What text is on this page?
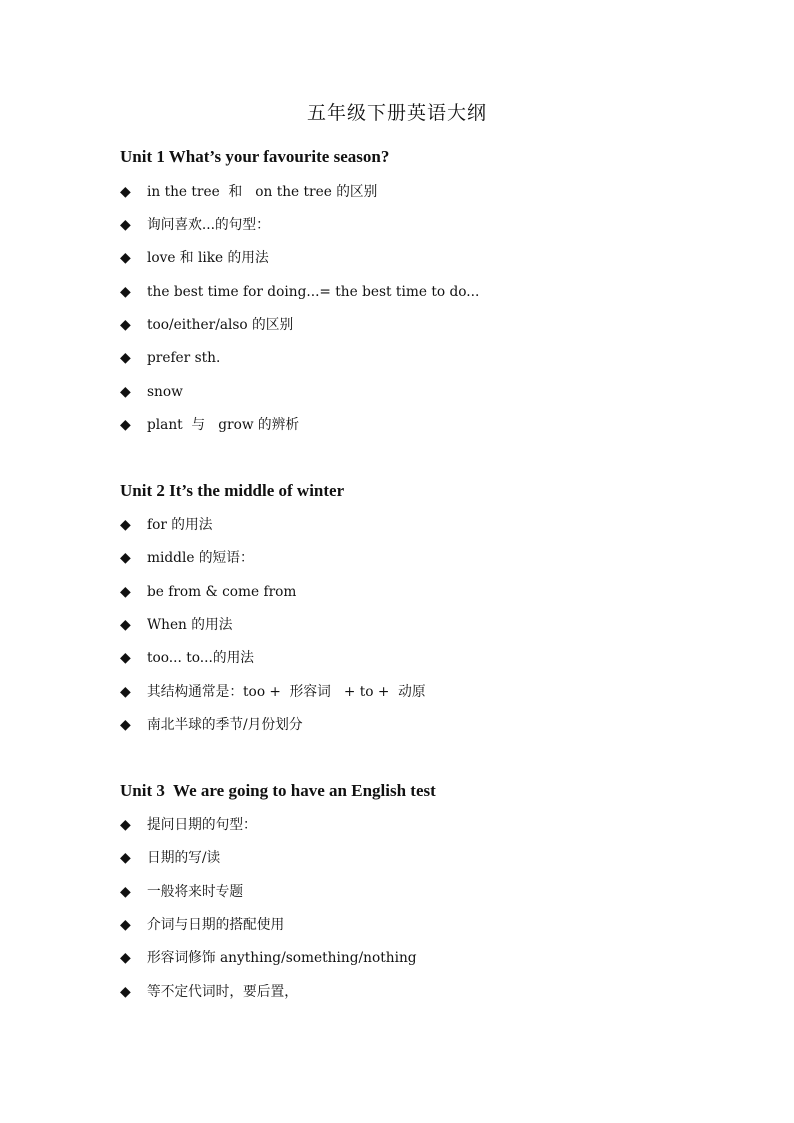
五年级下册英语大纲
Unit 1 What’s your favourite season?
◆	in the tree  和   on the tree 的区别
◆	询问喜欢...的句型：
◆	love 和 like 的用法
◆	the best time for doing...= the best time to do...
◆	too/either/also 的区别
◆	prefer sth.
◆	snow
◆	plant  与   grow 的辨析
Unit 2 It’s the middle of winter
◆	for 的用法
◆	middle 的短语：
◆	be from & come from
◆	When 的用法
◆	too... to...的用法
◆	其结构通常是：too +  形容词   + to +  动原
◆	南北半球的季节/月份划分
Unit 3  We are going to have an English test
◆	提问日期的句型：
◆	日期的写/读
◆	一般将来时专题
◆	介词与日期的搭配使用
◆	形容词修饰 anything/something/nothing
◆	等不定代词时，要后置，
